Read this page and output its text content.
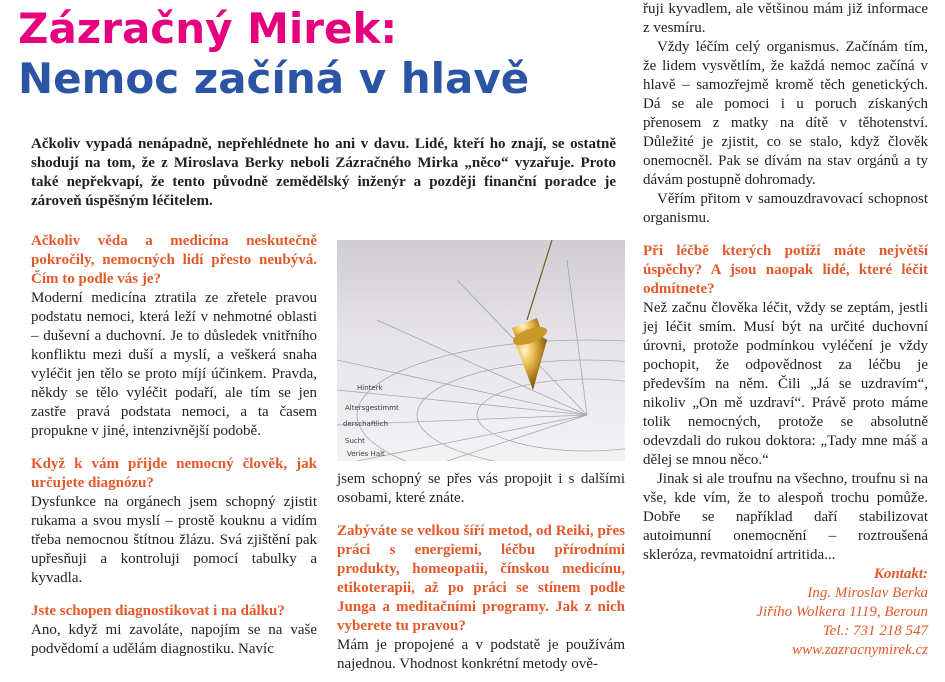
Zázračný Mirek:
Nemoc začíná v hlavě
Ačkoliv vypadá nenápadně, nepřehlédnete ho ani v davu. Lidé, kteří ho znají, se ostatně shodují na tom, že z Miroslava Berky neboli Zázračného Mirka „něco“ vyzařuje. Proto také nepřekvapí, že tento původně zemědělský inženýr a později finanční poradce je zároveň úspěšným léčitelem.

Ačkoliv věda a medicína neskutečně pokročily, nemocných lidí přesto neubývá. Čím to podle vás je?

Moderní medicína ztratila ze zřetele pravou podstatu nemoci, která leží v nehmotné oblasti – duševní a duchovní. Je to důsledek vnitřního konfliktu mezi duší a myslí, a veškerá snaha vyléčit jen tělo se proto míjí účinkem. Pravda, někdy se tělo vyléčit podaří, ale tím se jen zastře pravá podstata nemoci, a ta časem propukne v jiné, intenzivnější podobě.

Když k vám přijde nemocný člověk, jak určujete diagnózu?

Dysfunkce na orgánech jsem schopný zjistit rukama a svou myslí – prostě kouknu a vidím třeba nemocnou štítnou žlázu. Svá zjištění pak upřesňuji a kontroluji pomocí tabulky a kyvadla.

Jste schopen diagnostikovat i na dálku?

Ano, když mi zavoláte, napojím se na vaše podvědomí a udělám diagnostiku. Navíc

Hinterk
Altersgestimmt
derschaftlich
Sucht
Veries Halt

jsem schopný se přes vás propojit i s dalšími osobami, které znáte.

Zabýváte se velkou šíří metod, od Reiki, přes práci s energiemi, léčbu přírodními produkty, homeopatii, čínskou medicínu, etikoterapii, až po práci se stínem podle Junga a meditačními programy. Jak z nich vyberete tu pravou?

Mám je propojené a v podstatě je používám najednou. Vhodnost konkrétní metody ově-

řuji kyvadlem, ale většinou mám již informace z vesmíru.

Vždy léčím celý organismus. Začínám tím, že lidem vysvětlím, že každá nemoc začíná v hlavě – samozřejmě kromě těch genetických. Dá se ale pomoci i u poruch získaných přenosem z matky na dítě v těhotenství. Důležité je zjistit, co se stalo, když člověk onemocněl. Pak se dívám na stav orgánů a ty dávám postupně dohromady.

Věřím přitom v samouzdravovací schopnost organismu.

Při léčbě kterých potíží máte největší úspěchy? A jsou naopak lidé, které léčit odmítnete?

Než začnu člověka léčit, vždy se zeptám, jestli jej léčit smím. Musí být na určité duchovní úrovni, protože podmínkou vyléčení je vždy pochopit, že odpovědnost za léčbu je především na něm. Čili „Já se uzdravím“, nikoliv „On mě uzdraví“. Právě proto máme tolik nemocných, protože se absolutně odevzdali do rukou doktora: „Tady mne máš a dělej se mnou něco.“

Jinak si ale troufnu na všechno, troufnu si na vše, kde vím, že to alespoň trochu pomůže. Dobře se například daří stabilizovat autoimunní onemocnění – roztroušená skleróza, revmatoidní artritida...

Kontakt:
Ing. Miroslav Berka
Jiřího Wolkera 1119, Beroun
Tel.: 731 218 547
www.zazracnymirek.cz
